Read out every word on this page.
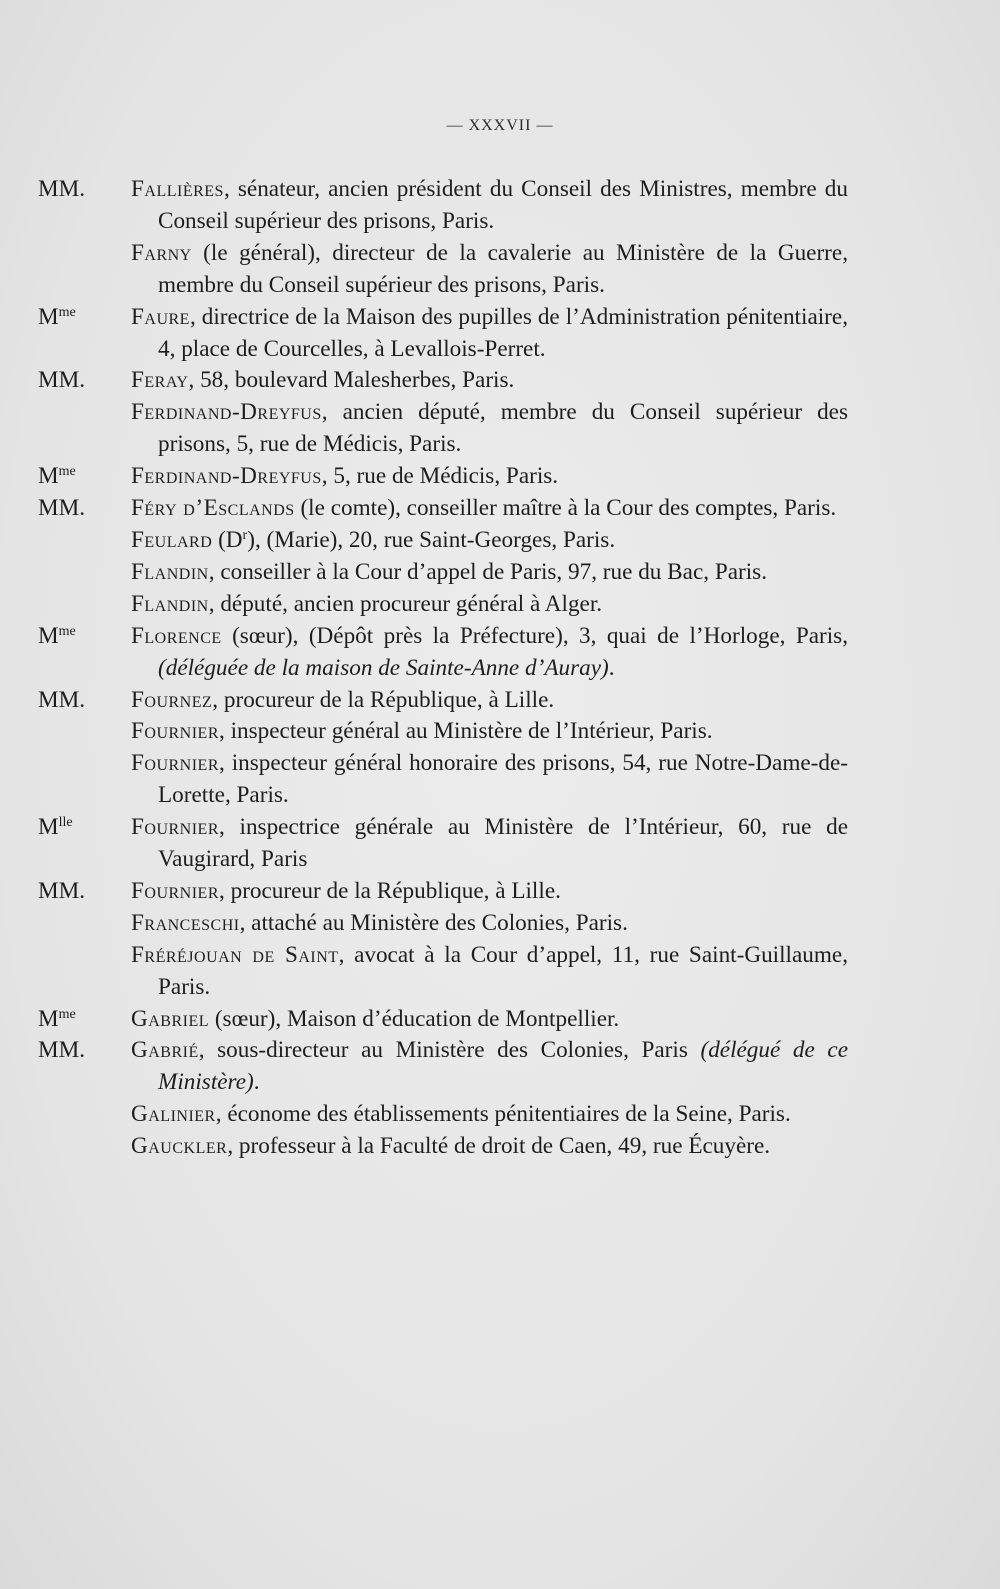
— XXXVII —
MM. Fallières, sénateur, ancien président du Conseil des Ministres, membre du Conseil supérieur des prisons, Paris.

Farny (le général), directeur de la cavalerie au Ministère de la Guerre, membre du Conseil supérieur des prisons, Paris.

$M^{me}$ Faure, directrice de la Maison des pupilles de l’Administration pénitentiaire, 4, place de Courcelles, à Levallois-Perret.

MM. Feray, 58, boulevard Malesherbes, Paris.

Ferdinand-Dreyfus, ancien député, membre du Conseil supérieur des prisons, 5, rue de Médicis, Paris.

$M^{me}$ Ferdinand-Dreyfus, 5, rue de Médicis, Paris.

MM. Féry d’Esclands (le comte), conseiller maître à la Cour des comptes, Paris.

Feulard $(D^r)$, (Marie), 20, rue Saint-Georges, Paris.

Flandin, conseiller à la Cour d’appel de Paris, 97, rue du Bac, Paris.

Flandin, député, ancien procureur général à Alger.

$M^{me}$ Florence (sœur), (Dépôt près la Préfecture), 3, quai de l’Horloge, Paris, (déléguée de la maison de Sainte-Anne d’Auray).

MM. Fournez, procureur de la République, à Lille.

Fournier, inspecteur général au Ministère de l’Intérieur, Paris.

Fournier, inspecteur général honoraire des prisons, 54, rue Notre-Dame-de-Lorette, Paris.

$M^{lle}$	Fournier, inspectrice générale au Ministère de l’Intérieur, 60, rue de Vaugirard, Paris

MM. Fournier, procureur de la République, à Lille.

Franceschi, attaché au Ministère des Colonies, Paris.

Fréréjouan de Saint, avocat à la Cour d’appel, 11, rue Saint-Guillaume, Paris.

$M^{me}$ Gabriel (sœur), Maison d’éducation de Montpellier.

MM. Gabrié, sous-directeur au Ministère des Colonies, Paris (délégué de ce Ministère).

Galinier, économe des établissements pénitentiaires de la Seine, Paris.

Gauckler, professeur à la Faculté de droit de Caen, 49, rue Écuyère.
